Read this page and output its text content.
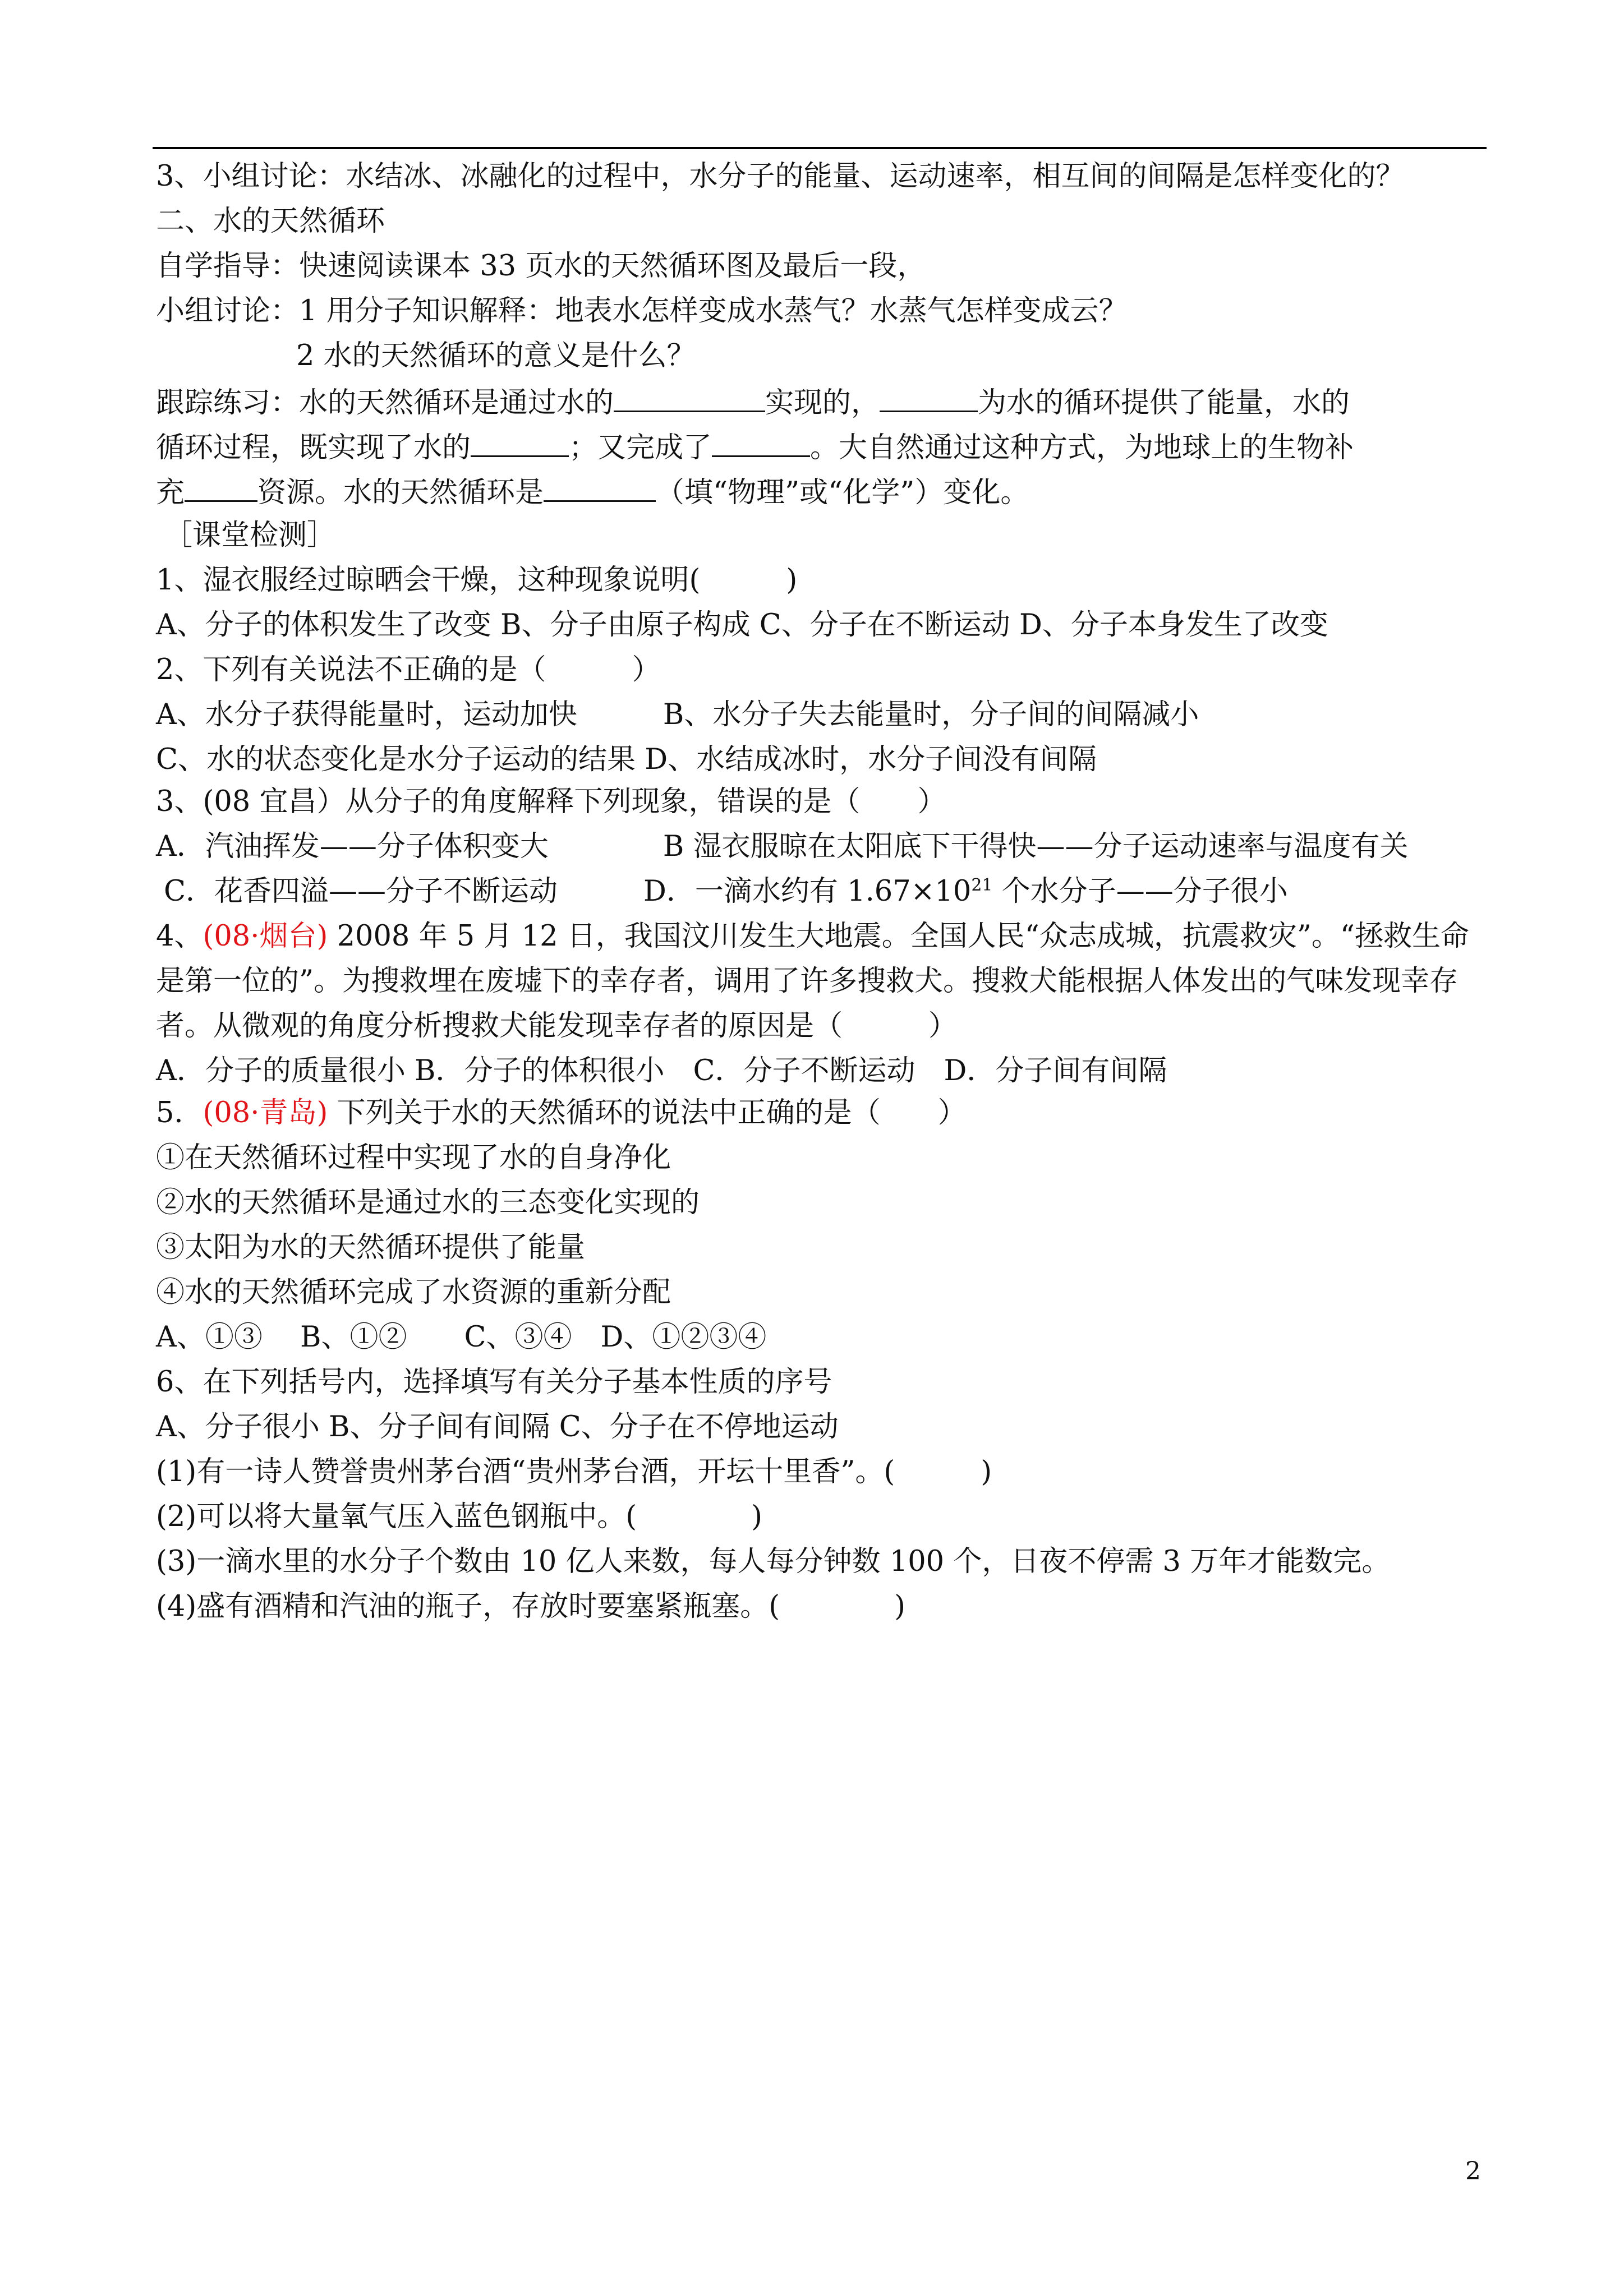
3、小组讨论：水结冰、冰融化的过程中，水分子的能量、运动速率，相互间的间隔是怎样变化的？
二、水的天然循环
自学指导：快速阅读课本 33 页水的天然循环图及最后一段，
小组讨论：1 用分子知识解释：地表水怎样变成水蒸气？水蒸气怎样变成云？
2 水的天然循环的意义是什么？
跟踪练习：水的天然循环是通过水的	实现的，	为水的循环提供了能量，水的
循环过程，既实现了水的	；又完成了	。大自然通过这种方式，为地球上的生物补
充	资源。水的天然循环是	（填“物理”或“化学”）变化。
［课堂检测］
1、湿衣服经过晾晒会干燥，这种现象说明(　　　)
A、分子的体积发生了改变 B、分子由原子构成 C、分子在不断运动 D、分子本身发生了改变
2、下列有关说法不正确的是（　　　）
A、水分子获得能量时，运动加快　　　B、水分子失去能量时，分子间的间隔减小
C、水的状态变化是水分子运动的结果 D、水结成冰时，水分子间没有间隔
3、(08 宜昌）从分子的角度解释下列现象，错误的是（　　）
A．汽油挥发——分子体积变大　　　　B 湿衣服晾在太阳底下干得快——分子运动速率与温度有关
C．花香四溢——分子不断运动　　　D．一滴水约有 $1.67\times 10^{21}$ 个水分子——分子很小
4、(08·烟台) 2008 年 5 月 12 日，我国汶川发生大地震。全国人民“众志成城，抗震救灾”。“拯救生命
是第一位的”。为搜救埋在废墟下的幸存者，调用了许多搜救犬。搜救犬能根据人体发出的气味发现幸存
者。从微观的角度分析搜救犬能发现幸存者的原因是（　　　）
A．分子的质量很小 B．分子的体积很小　C．分子不断运动　D．分子间有间隔
5．(08·青岛) 下列关于水的天然循环的说法中正确的是（　　）
①在天然循环过程中实现了水的自身净化
②水的天然循环是通过水的三态变化实现的
③太阳为水的天然循环提供了能量
④水的天然循环完成了水资源的重新分配
A、①③　 B、①②　　C、③④　D、①②③④
6、在下列括号内，选择填写有关分子基本性质的序号
A、分子很小 B、分子间有间隔 C、分子在不停地运动
(1)有一诗人赞誉贵州茅台酒“贵州茅台酒，开坛十里香”。(　　　)
(2)可以将大量氧气压入蓝色钢瓶中。(　　　　)
(3)一滴水里的水分子个数由 10 亿人来数，每人每分钟数 100 个，日夜不停需 3 万年才能数完。
(4)盛有酒精和汽油的瓶子，存放时要塞紧瓶塞。(　　　　)
2
